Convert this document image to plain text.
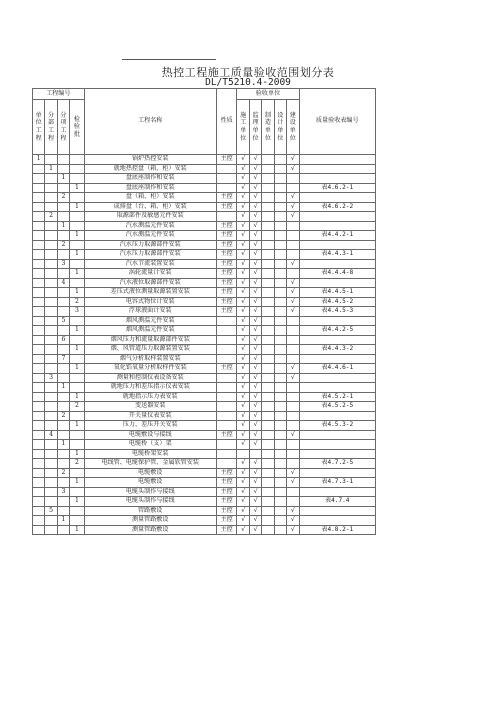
热控工程施工质量验收范围划分表
DL/T5210.4-2009
工程编号				工程名称	性质	验收单位					质量验收表编号
单位工程	分部工程	分项工程	检验批			施工单位	监理单位	制造单位	设计单位	建设单位	
1				锅炉热控安装	主控	√	√			√	
	1			就地热控盘（箱、柜）安装		√	√			√	
		1		盘底座制作和安装		√	√				
			1	盘底座制作和安装		√	√				表4.6.2-1
		2		盘（箱、柜）安装	主控	√	√			√	
			1	成排盘（台、箱、柜）安装	主控	√	√			√	表4.6.2-2
	2			取源部件及敏感元件安装		√	√			√	
		1		汽水测温元件安装	主控	√	√				
			1	汽水测温元件安装	主控	√	√				表4.4.2-1
		2		汽水压力取源部件安装	主控	√	√				
			1	汽水压力取源部件安装	主控	√	√				表4.4.3-1
		3		汽水节流装置安装	主控	√	√			√	
			1	涡轮流量计安装	主控	√	√				表4.4.4-8
		4		汽水液位取源部件安装	主控	√	√			√	
			1	差压式液位测量取源装置安装	主控	√	√			√	表4.4.5-1
			2	电容式物位计安装	主控	√	√			√	表4.4.5-2
			3	浮球液面计安装	主控	√	√			√	表4.4.5-3
		5		烟风测温元件安装		√	√				
			1	烟风测温元件安装		√	√				表4.4.2-5
		6		烟风压力和流量取源部件安装		√	√				
			1	烟、风管道压力取源装置安装		√	√				表4.4.3-2
		7		烟气分析取样装置安装		√	√				
			1	氧化锆氧量分析取样件安装	主控	√	√			√	表4.4.6-1
	3			测量和控制仪表设备安装		√	√			√	
		1		就地压力和差压指示仪表安装		√	√				
			1	就地指示压力表安装		√	√				表4.5.2-1
			2	变送器安装		√	√				表4.5.2-5
		2		开关量仪表安装		√	√				
			1	压力、差压开关安装		√	√				表4.5.3-2
	4			电缆敷设与接线	主控	√	√			√	
		1		电缆桥（支）架		√	√				
			1	电缆桥架安装							
			2	电线管、电缆保护管、金属软管安装		√	√				表4.7.2-5
		2		电缆敷设	主控	√	√			√	
			1	电缆敷设	主控	√	√			√	表4.7.3-1
		3		电缆头制作与接线	主控	√	√				
			1	电缆头制作与接线	主控	√	√				表4.7.4
	5			管路敷设	主控	√	√			√	
		1		测量管路敷设	主控	√	√			√	
			1	测量管路敷设	主控	√	√			√	表4.8.2-1
